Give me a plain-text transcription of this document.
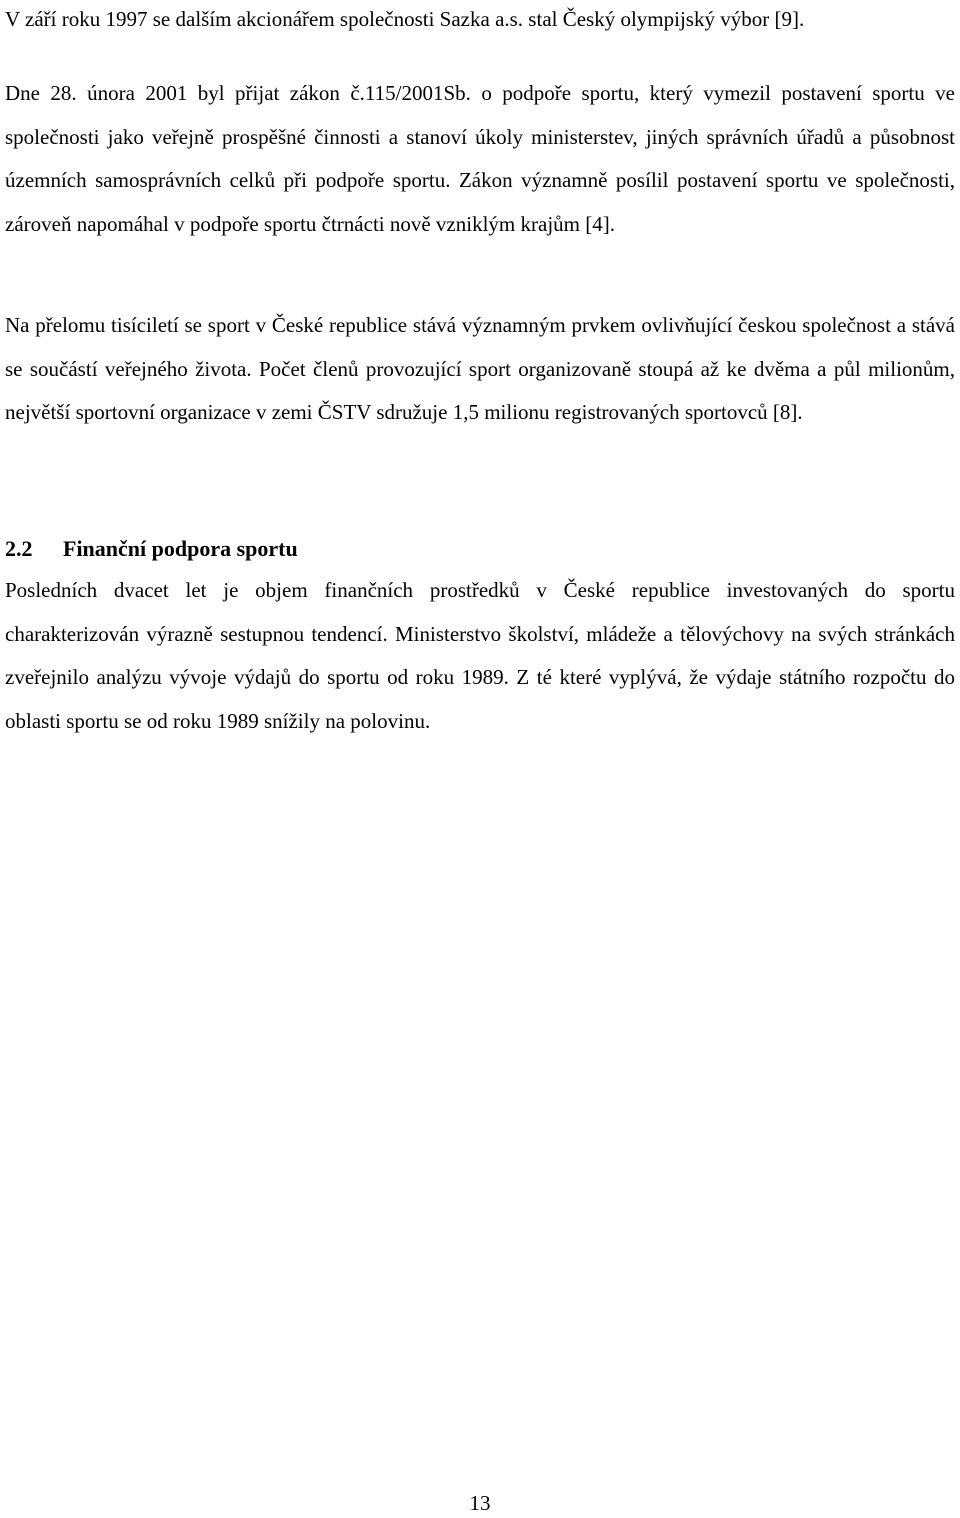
V září roku 1997 se dalším akcionářem společnosti Sazka a.s. stal Český olympijský výbor [9].

Dne 28. února 2001 byl přijat zákon č.115/2001Sb. o podpoře sportu, který vymezil postavení sportu ve společnosti jako veřejně prospěšné činnosti a stanoví úkoly ministerstev, jiných správních úřadů a působnost územních samosprávních celků při podpoře sportu. Zákon významně posílil postavení sportu ve společnosti, zároveň napomáhal v podpoře sportu čtrnácti nově vzniklým krajům [4].

Na přelomu tisíciletí se sport v České republice stává významným prvkem ovlivňující českou společnost a stává se součástí veřejného života. Počet členů provozující sport organizovaně stoupá až ke dvěma a půl milionům, největší sportovní organizace v zemi ČSTV sdružuje 1,5 milionu registrovaných sportovců [8].

2.2 Finanční podpora sportu

Posledních dvacet let je objem finančních prostředků v České republice investovaných do sportu charakterizován výrazně sestupnou tendencí. Ministerstvo školství, mládeže a tělovýchovy na svých stránkách zveřejnilo analýzu vývoje výdajů do sportu od roku 1989. Z té které vyplývá, že výdaje státního rozpočtu do oblasti sportu se od roku 1989 snížily na polovinu.

13
